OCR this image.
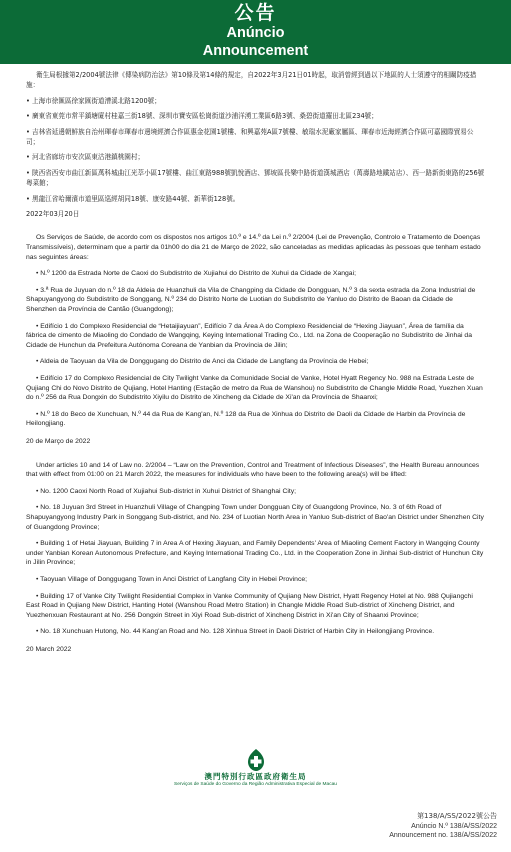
公告
Anúncio
Announcement

衛生局根據第2/2004號法律《傳染病防治法》第10條及第14條的規定，自2022年3月21日01時起，取消曾經到過以下地區的人士須遵守的相關防疫措施：

• 上海市徐匯區徐家匯街道漕溪北路1200號；

• 廣東省東莞市常平鎮塘廈村桂嘉三街18號、深圳市寶安區松崗街道沙浦洋湧工業區6路3號、桑碧街道羅田北區234號；

• 吉林省延邊朝鮮族自治州琿春市琿春市邊境經濟合作區惠金花園1號樓、和興嘉苑A區7號樓、敏瑞水泥廠家屬區、琿春市近海經濟合作區可嘉國際貿易公司；

• 河北省廊坊市安次區東沽港鎮桃園村；

• 陝西省西安市曲江新區萬科城曲江光萃小區17號樓、曲江東路988號凱悅酒店、鄧坡區長樂中路街道漢城酒店（萬壽路地鐵站店）、西一路新街東路的256號粵菜館；

• 黑龍江省哈爾濱市道里區巡經胡同18號、康安路44號、新華街128號。

2022年03月20日

Os Serviços de Saúde, de acordo com os dispostos nos artigos 10.º e 14.º da Lei n.º 2/2004 (Lei de Prevenção, Controlo e Tratamento de Doenças Transmissíveis), determinam que a partir da 01h00 do dia 21 de Março de 2022, são canceladas as medidas aplicadas às pessoas que tenham estado nas seguintes áreas:

• N.º 1200 da Estrada Norte de Caoxi do Subdistrito de Xujiahui do Distrito de Xuhui da Cidade de Xangai;

• 3.ª Rua de Juyuan do n.º 18 da Aldeia de Huanzhuli da Vila de Changping da Cidade de Dongguan, N.º 3 da sexta estrada da Zona Industrial de Shapuyangyong do Subdistrito de Songgang, N.º 234 do Distrito Norte de Luotian do Subdistrito de Yanluo do Distrito de Baoan da Cidade de Shenzhen da Província de Cantão (Guangdong);

• Edifício 1 do Complexo Residencial de “Hetaijiayuan”, Edifício 7 da Área A do Complexo Residencial de “Hexing Jiayuan”, Área de família da fábrica de cimento de Miaoling do Condado de Wangqing, Keying International Trading Co., Ltd. na Zona de Cooperação no Subdistrito de Jinhai da Cidade de Hunchun da Prefeitura Autónoma Coreana de Yanbian da Província de Jilin;

• Aldeia de Taoyuan da Vila de Donggugang do Distrito de Anci da Cidade de Langfang da Província de Hebei;

• Edifício 17 do Complexo Residencial de City Twilight Vanke da Comunidade Social de Vanke, Hotel Hyatt Regency No. 988 na Estrada Leste de Qujiang Chi do Novo Distrito de Qujiang, Hotel Hanting (Estação de metro da Rua de Wanshou) no Subdistrito de Changle Middle Road, Yuezhen Xuan do n.º 256 da Rua Dongxin do Subdistrito Xiyilu do Distrito de Xincheng da Cidade de Xi'an da Província de Shaanxi;

• N.º 18 do Beco de Xunchuan, N.º 44 da Rua de Kang'an, N.º 128 da Rua de Xinhua do Distrito de Daoli da Cidade de Harbin da Província de Heilongjiang.

20 de Março de 2022

Under articles 10 and 14 of Law no. 2/2004 – “Law on the Prevention, Control and Treatment of Infectious Diseases”, the Health Bureau announces that with effect from 01:00 on 21 March 2022, the measures for individuals who have been to the following area(s) will be lifted:

• No. 1200 Caoxi North Road of Xujiahui Sub-district in Xuhui District of Shanghai City;

• No. 18 Juyuan 3rd Street in Huanzhuli Village of Changping Town under Dongguan City of Guangdong Province, No. 3 of 6th Road of Shapuyangyong Industry Park in Songgang Sub-district, and No. 234 of Luotian North Area in Yanluo Sub-district of Bao'an District under Shenzhen City of Guangdong Province;

• Building 1 of Hetai Jiayuan, Building 7 in Area A of Hexing Jiayuan, and Family Dependents' Area of Miaoling Cement Factory in Wangqing County under Yanbian Korean Autonomous Prefecture, and Keying International Trading Co., Ltd. in the Cooperation Zone in Jinhai Sub-district of Hunchun City in Jilin Province;

• Taoyuan Village of Donggugang Town in Anci District of Langfang City in Hebei Province;

• Building 17 of Vanke City Twilight Residential Complex in Vanke Community of Qujiang New District, Hyatt Regency Hotel at No. 988 Qujiangchi East Road in Qujiang New District, Hanting Hotel (Wanshou Road Metro Station) in Changle Middle Road Sub-district of Xincheng District, and Yuezhenxuan Restaurant at No. 256 Dongxin Street in Xiyi Road Sub-district of Xincheng District in Xi'an City of Shaanxi Province;

• No. 18 Xunchuan Hutong, No. 44 Kang'an Road and No. 128 Xinhua Street in Daoli District of Harbin City in Heilongjiang Province.

20 March 2022

澳門特別行政區政府衛生局
Serviços de Saúde do Governo da Região Administrativa Especial de Macau
第138/A/SS/2022號公告
Anúncio N.º 138/A/SS/2022
Announcement no. 138/A/SS/2022
